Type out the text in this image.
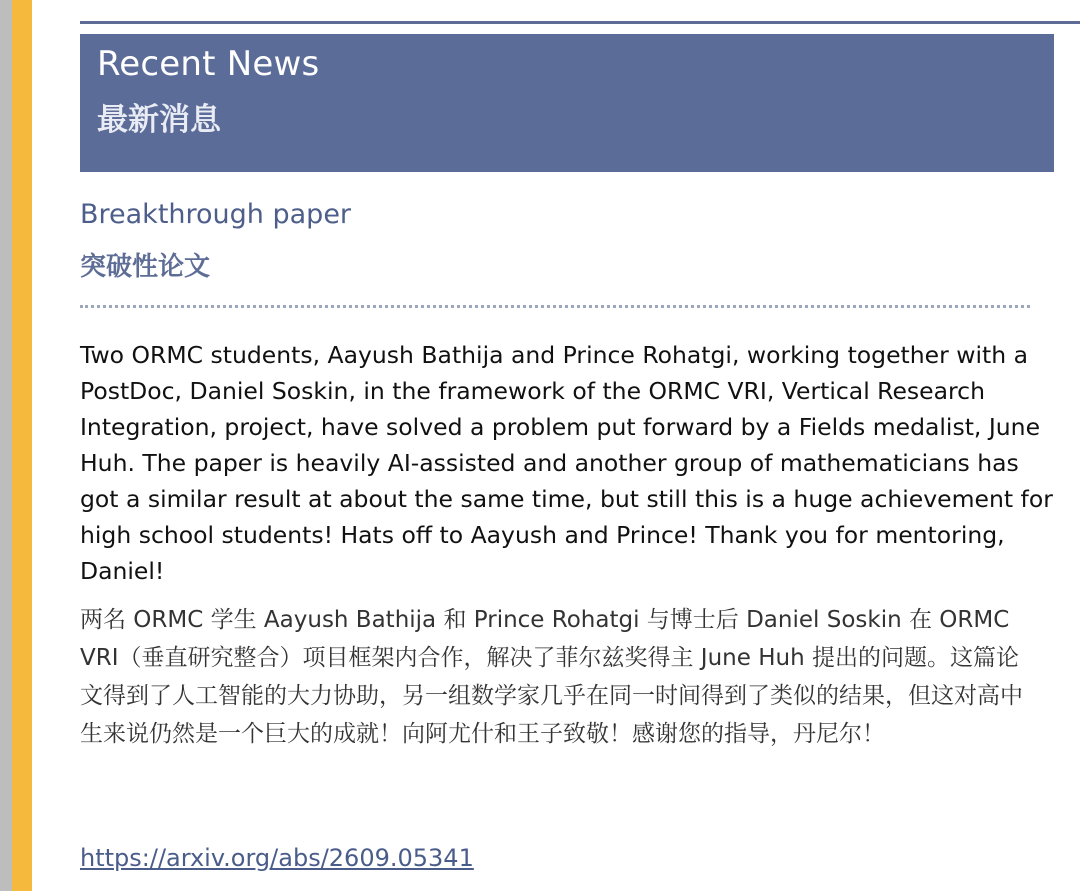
Recent News
最新消息
Breakthrough paper
突破性论文

Two ORMC students, Aayush Bathija and Prince Rohatgi, working together with a PostDoc, Daniel Soskin, in the framework of the ORMC VRI, Vertical Research Integration, project, have solved a problem put forward by a Fields medalist, June Huh. The paper is heavily AI-assisted and another group of mathematicians has got a similar result at about the same time, but still this is a huge achievement for high school students! Hats off to Aayush and Prince! Thank you for mentoring, Daniel!

两名 ORMC 学生 Aayush Bathija 和 Prince Rohatgi 与博士后 Daniel Soskin 在 ORMC VRI（垂直研究整合）项目框架内合作，解决了菲尔兹奖得主 June Huh 提出的问题。这篇论文得到了人工智能的大力协助，另一组数学家几乎在同一时间得到了类似的结果，但这对高中生来说仍然是一个巨大的成就！向阿尤什和王子致敬！感谢您的指导，丹尼尔！

https://arxiv.org/abs/2609.05341
